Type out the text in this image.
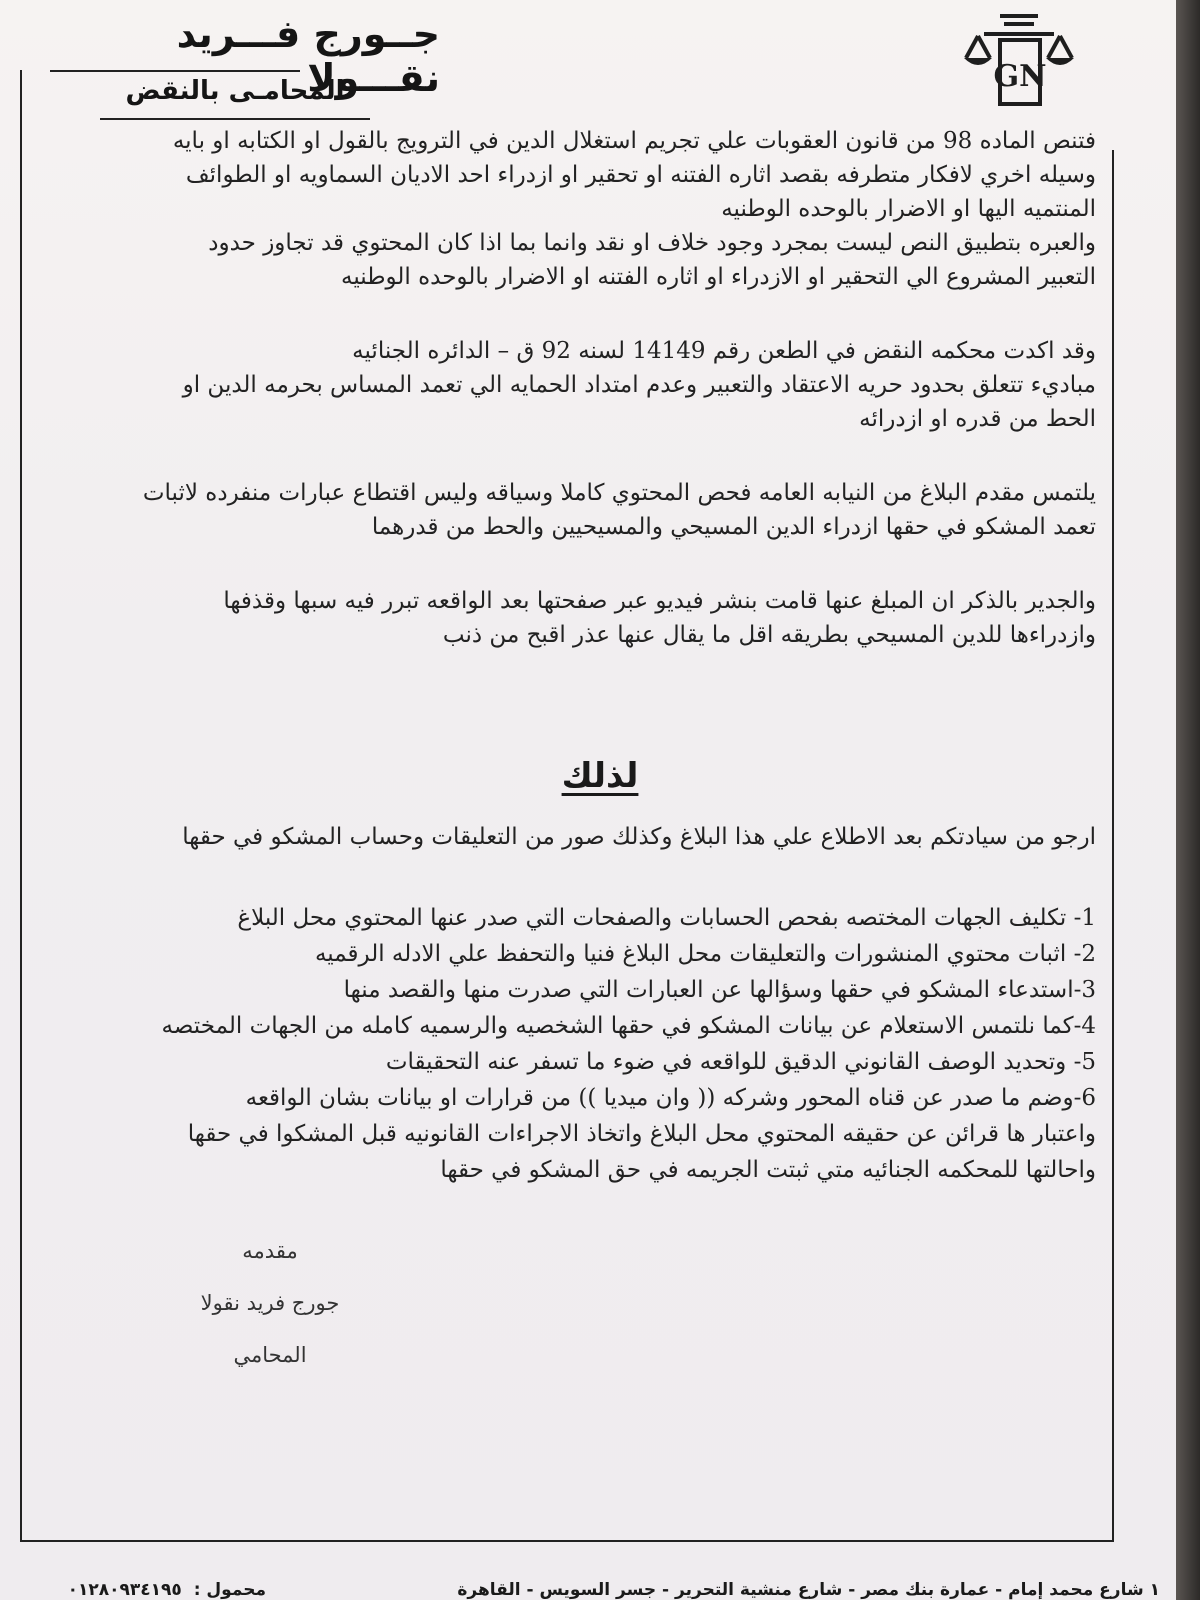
جــورج فـــريد نقـــولا
المحامـى بالنقض	GN

فتنص الماده 98 من قانون العقوبات علي تجريم استغلال الدين في الترويج بالقول او الكتابه او بايه

وسيله اخري لافكار متطرفه بقصد اثاره الفتنه او تحقير او ازدراء احد الاديان السماويه او الطوائف

المنتميه اليها او الاضرار بالوحده الوطنيه

والعبره بتطبيق النص ليست بمجرد وجود خلاف او نقد وانما بما اذا كان المحتوي قد تجاوز حدود

التعبير المشروع الي التحقير او الازدراء او اثاره الفتنه او الاضرار بالوحده الوطنيه

وقد اكدت محكمه النقض في الطعن رقم 14149 لسنه 92 ق – الدائره الجنائيه

مباديء تتعلق بحدود حريه الاعتقاد والتعبير وعدم امتداد الحمايه الي تعمد المساس بحرمه الدين او

الحط من قدره او ازدرائه

يلتمس مقدم البلاغ من النيابه العامه فحص المحتوي كاملا وسياقه وليس اقتطاع عبارات منفرده لاثبات

تعمد المشكو في حقها ازدراء الدين المسيحي والمسيحيين والحط من قدرهما

والجدير بالذكر ان المبلغ عنها قامت بنشر فيديو عبر صفحتها بعد الواقعه تبرر فيه سبها وقذفها

وازدراءها للدين المسيحي بطريقه اقل ما يقال عنها عذر اقبح من ذنب

لذلك
ارجو من سيادتكم بعد الاطلاع علي هذا البلاغ وكذلك صور من التعليقات وحساب المشكو في حقها
1- تكليف الجهات المختصه بفحص الحسابات والصفحات التي صدر عنها المحتوي محل البلاغ
2- اثبات محتوي المنشورات والتعليقات محل البلاغ فنيا والتحفظ علي الادله الرقميه
3-استدعاء المشكو في حقها وسؤالها عن العبارات التي صدرت منها والقصد منها
4-كما نلتمس الاستعلام عن بيانات المشكو في حقها الشخصيه والرسميه كامله من الجهات المختصه
5- وتحديد الوصف القانوني الدقيق للواقعه في ضوء ما تسفر عنه التحقيقات
6-وضم ما صدر عن قناه المحور وشركه (( وان ميديا )) من قرارات او بيانات بشان الواقعه
واعتبار ها قرائن عن حقيقه المحتوي محل البلاغ واتخاذ الاجراءات القانونيه قبل المشكوا في حقها
واحالتها للمحكمه الجنائيه متي ثبتت الجريمه في حق المشكو في حقها
مقدمه
جورج فريد نقولا
المحامي
١ شارع محمد إمام - عمارة بنك مصر - شارع منشية التحرير - جسر السويس - القاهرة
محمول : ٠١٢٨٠٩٣٤١٩٥
